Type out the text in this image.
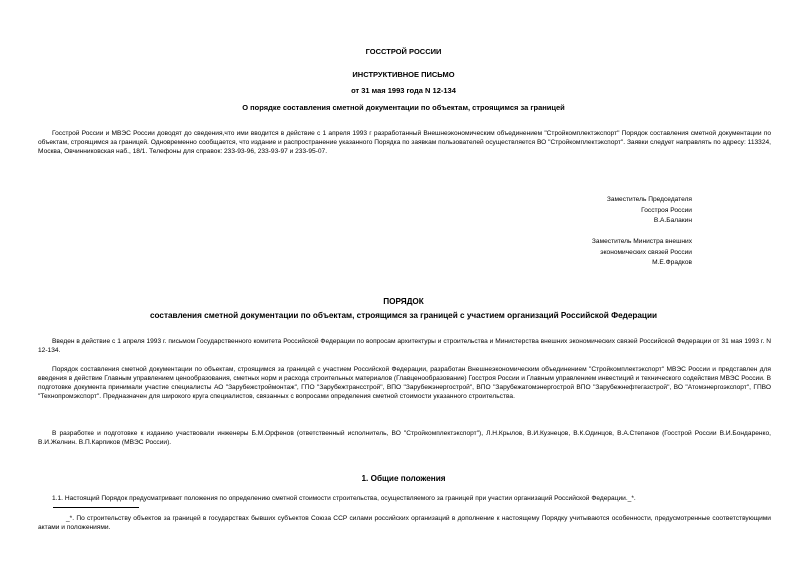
ГОССТРОЙ РОССИИ
ИНСТРУКТИВНОЕ ПИСЬМО
от 31 мая 1993 года N 12-134
О порядке составления сметной документации по объектам, строящимся за границей
Госстрой России и МВЭС России доводят до сведения,что ими вводится в действие с 1 апреля 1993 г разработанный Внешнеэкономическим объединением "Стройкомплектэкспорт" Порядок составления сметной документации по объектам, строящимся за границей. Одновременно сообщается, что издание и распространение указанного Порядка по заявкам пользователей осуществляется ВО "Стройкомплектэкспорт". Заявки следует направлять по адресу: 113324, Москва, Овчинниковская наб., 18/1. Телефоны для справок: 233-93-96, 233-93-97 и 233-95-07.
Заместитель Председателя
Госстроя России
В.А.Балакин
Заместитель Министра внешних
экономических связей России
М.Е.Фрадков
ПОРЯДОК
составления сметной документации по объектам, строящимся за границей с участием организаций Российской Федерации
Введен в действие с 1 апреля 1993 г. письмом Государственного комитета Российской Федерации по вопросам архитектуры и строительства и Министерства внешних экономических связей Российской Федерации от 31 мая 1993 г. N 12-134.
Порядок составления сметной документации по объектам, строящимся за границей с участием Российской Федерации, разработан Внешнеэкономическим объединением "Стройкомплектэкспорт" МВЭС России и представлен для введения в действие Главным управлением ценообразования, сметных норм и расхода строительных материалов (Главценообразование) Госстроя России и Главным управлением инвестиций и технического содействия МВЭС России. В подготовке документа принимали участие специалисты АО "Зарубежстроймонтаж", ГПО "Зарубежтрансстрой", ВПО "Зарубежэнергострой", ВПО "Зарубежатомэнергострой ВПО "Зарубежнефтегазстрой", ВО "Атомэнергоэкспорт", ГПВО "Технопромэкспорт". Предназначен для широкого круга специалистов, связанных с вопросами определения сметной стоимости указанного строительства.
В разработке и подготовке к изданию участвовали инженеры Б.М.Орфенов (ответственный исполнитель, ВО "Стройкомплектэкспорт"), Л.Н.Крылов, В.И.Кузнецов, В.К.Одинцов, В.А.Степанов (Госстрой России В.И.Бондаренко, В.И.Желнин. В.П.Карпиков (МВЭС России).
1. Общие положения
1.1. Настоящий Порядок предусматривает положения по определению сметной стоимости строительства, осуществляемого за границей при участии организаций Российской Федерации._*.
_*. По строительству объектов за границей в государствах бывших субъектов Союза ССР силами российских организаций в дополнение к настоящему Порядку учитываются особенности, предусмотренные соответствующими актами и положениями.
